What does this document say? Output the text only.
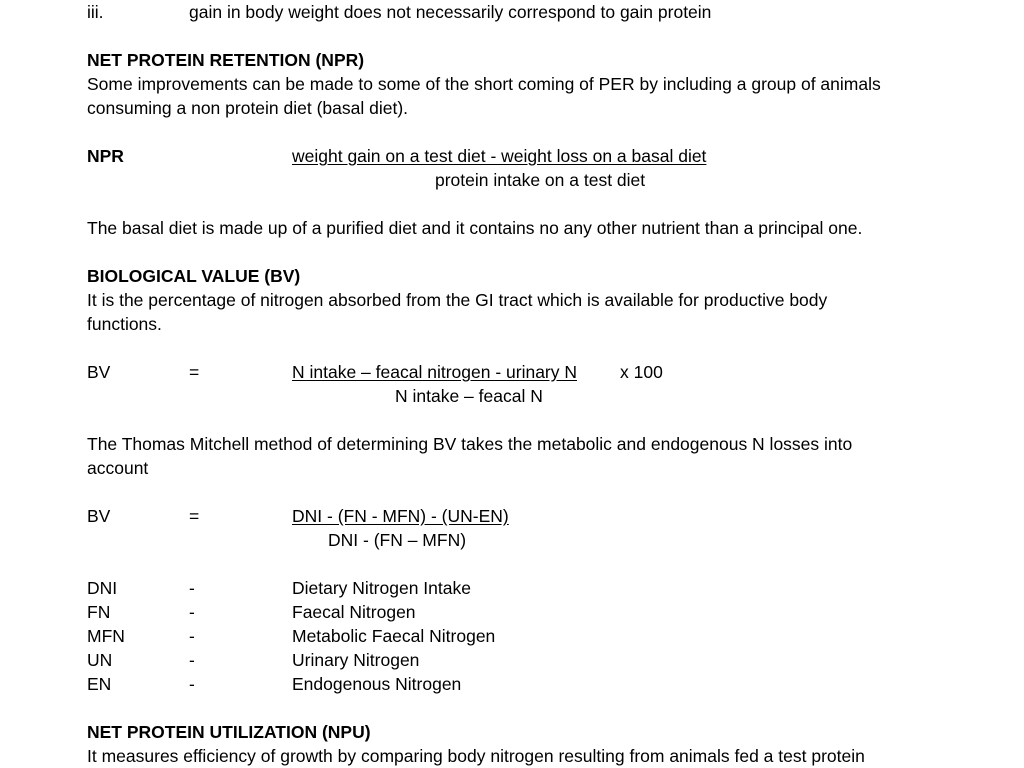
iii.	gain in body weight does not necessarily correspond to gain protein
NET PROTEIN RETENTION (NPR)
Some improvements can be made to some of the short coming of PER by including a group of animals
consuming a non protein diet (basal diet).
NPR	weight gain on a test diet - weight loss on a basal diet
protein intake on a test diet
The basal diet is made up of a purified diet and it contains no any other nutrient than a principal one.
BIOLOGICAL VALUE (BV)
It is the percentage of nitrogen absorbed from the GI tract which is available for productive body
functions.
BV	=	N intake – feacal nitrogen - urinary N x 100
N intake – feacal N
The Thomas Mitchell method of determining BV takes the metabolic and endogenous N losses into
account
BV	=	DNI - (FN - MFN) - (UN-EN)
DNI - (FN – MFN)
DNI	-	Dietary Nitrogen Intake
FN	-	Faecal Nitrogen
MFN	-	Metabolic Faecal Nitrogen
UN	-	Urinary Nitrogen
EN	-	Endogenous Nitrogen
NET PROTEIN UTILIZATION (NPU)
It measures efficiency of growth by comparing body nitrogen resulting from animals fed a test protein
